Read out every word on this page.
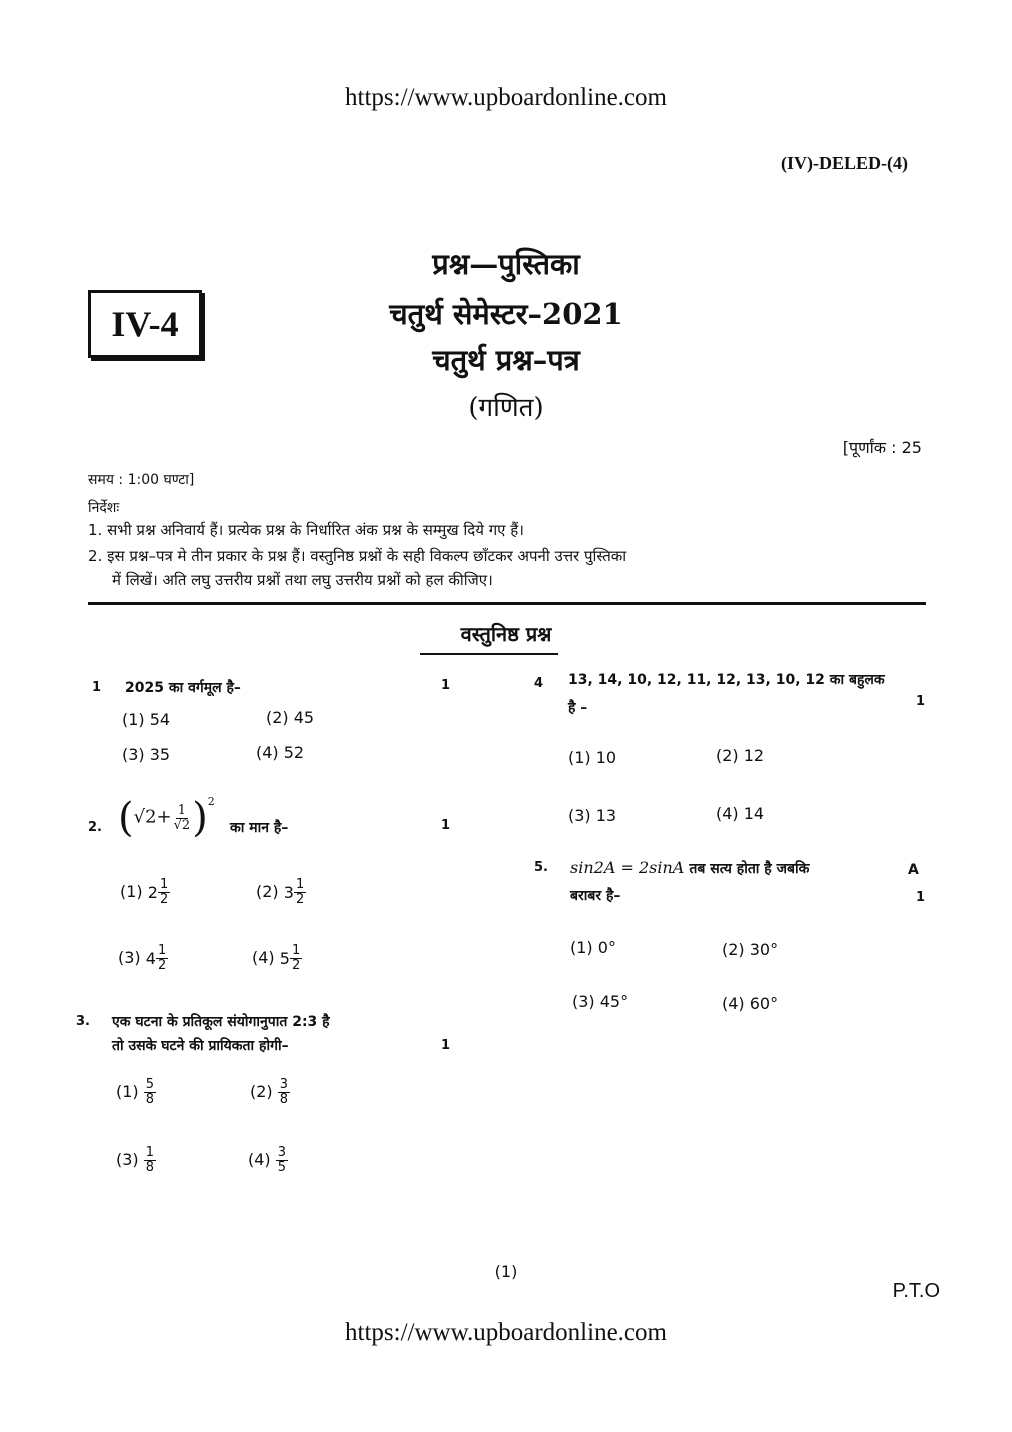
https://www.upboardonline.com
(IV)-DELED-(4)
IV-4
प्रश्न—पुस्तिका
चतुर्थ सेमेस्टर–2021
चतुर्थ प्रश्न–पत्र
(गणित)
[पूर्णांक : 25
समय : 1:00 घण्टा]
निर्देशः
1. सभी प्रश्न अनिवार्य हैं। प्रत्येक प्रश्न के निर्धारित अंक प्रश्न के सम्मुख दिये गए हैं।
2. इस प्रश्न–पत्र मे तीन प्रकार के प्रश्न हैं। वस्तुनिष्ठ प्रश्नों के सही विकल्प छाँटकर अपनी उत्तर पुस्तिका
में लिखें। अति लघु उत्तरीय प्रश्नों तथा लघु उत्तरीय प्रश्नों को हल कीजिए।
वस्तुनिष्ठ प्रश्न
1 2025 का वर्गमूल है–	1
(1) 54	(2) 45
(3) 35	(4) 52
2. $(√2+ \frac{1}{√2} )^2$
का मान है–	1
(1) $2 \frac{1}{2}$	(2) $3 \frac{1}{2}$
(3) $4 \frac{1}{2}$	(4) $5 \frac{1}{2}$
3. एक घटना के प्रतिकूल संयोगानुपात 2:3 है
तो उसके घटने की प्रायिकता होगी–	1
$(1) \frac{5}{8}$	$(2) \frac{3}{8}$
$(3) \frac{1}{8}$	$(4) \frac{3}{5}$
4 13, 14, 10, 12, 11, 12, 13, 10, 12 का बहुलक
है –	1
(1) 10	(2) 12
(3) 13	(4) 14
5. sin2A = 2sinA तब सत्य होता है जबकि	A
बराबर है–	1
(1) 0°	(2) 30°
(3) 45°	(4) 60°
(1)
P.T.O
https://www.upboardonline.com
